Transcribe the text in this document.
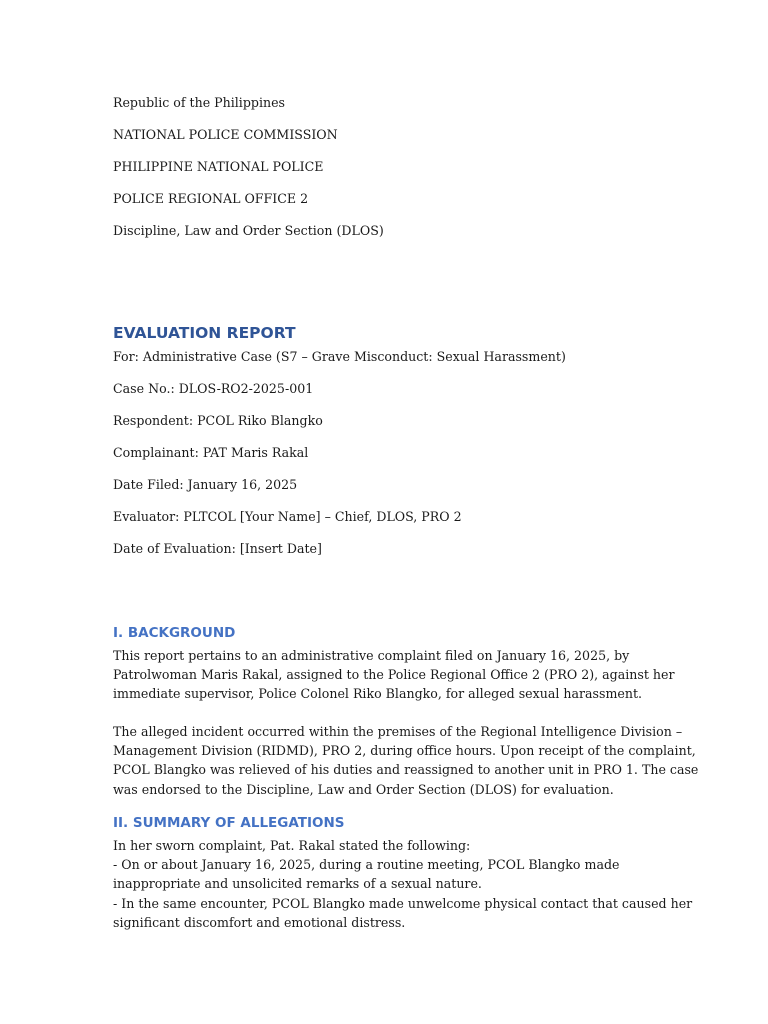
Republic of the Philippines

NATIONAL POLICE COMMISSION

PHILIPPINE NATIONAL POLICE

POLICE REGIONAL OFFICE 2

Discipline, Law and Order Section (DLOS)

EVALUATION REPORT

For: Administrative Case (S7 – Grave Misconduct: Sexual Harassment)

Case No.: DLOS-RO2-2025-001

Respondent: PCOL Riko Blangko

Complainant: PAT Maris Rakal

Date Filed: January 16, 2025

Evaluator: PLTCOL [Your Name] – Chief, DLOS, PRO 2

Date of Evaluation: [Insert Date]

I. BACKGROUND
This report pertains to an administrative complaint filed on January 16, 2025, by
Patrolwoman Maris Rakal, assigned to the Police Regional Office 2 (PRO 2), against her
immediate supervisor, Police Colonel Riko Blangko, for alleged sexual harassment.
The alleged incident occurred within the premises of the Regional Intelligence Division –
Management Division (RIDMD), PRO 2, during office hours. Upon receipt of the complaint,
PCOL Blangko was relieved of his duties and reassigned to another unit in PRO 1. The case
was endorsed to the Discipline, Law and Order Section (DLOS) for evaluation.
II. SUMMARY OF ALLEGATIONS
In her sworn complaint, Pat. Rakal stated the following:
- On or about January 16, 2025, during a routine meeting, PCOL Blangko made
inappropriate and unsolicited remarks of a sexual nature.
- In the same encounter, PCOL Blangko made unwelcome physical contact that caused her
significant discomfort and emotional distress.
